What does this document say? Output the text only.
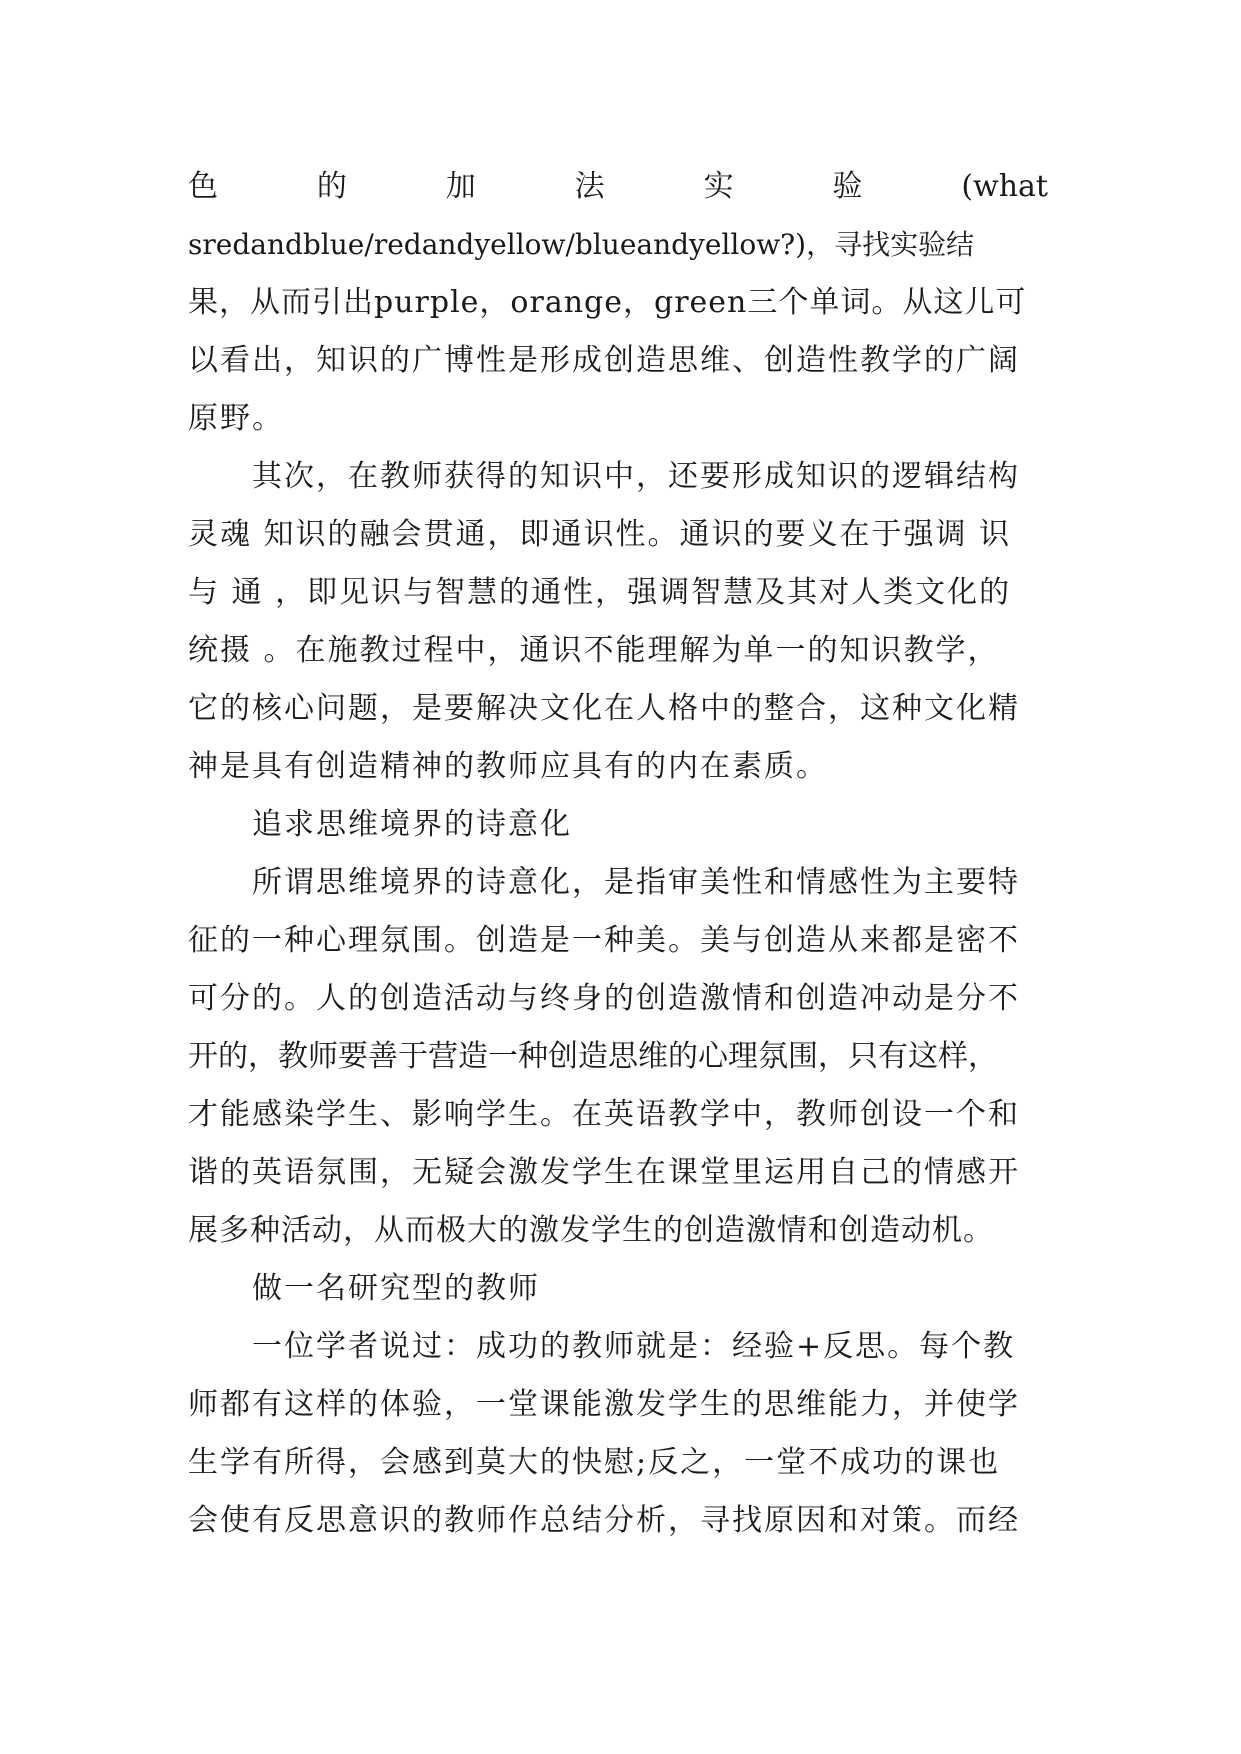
色	的	加	法	实	验	(what
sredandblue/redandyellow/blueandyellow?)，寻找实验结
果，从而引出purple，orange，green三个单词。从这儿可
以看出，知识的广博性是形成创造思维、创造性教学的广阔
原野。
其次，在教师获得的知识中，还要形成知识的逻辑结构
灵魂 知识的融会贯通，即通识性。通识的要义在于强调 识
与 通 ，即见识与智慧的通性，强调智慧及其对人类文化的
统摄 。在施教过程中，通识不能理解为单一的知识教学，
它的核心问题，是要解决文化在人格中的整合，这种文化精
神是具有创造精神的教师应具有的内在素质。
追求思维境界的诗意化
所谓思维境界的诗意化，是指审美性和情感性为主要特
征的一种心理氛围。创造是一种美。美与创造从来都是密不
可分的。人的创造活动与终身的创造激情和创造冲动是分不
开的，教师要善于营造一种创造思维的心理氛围，只有这样，
才能感染学生、影响学生。在英语教学中，教师创设一个和
谐的英语氛围，无疑会激发学生在课堂里运用自己的情感开
展多种活动，从而极大的激发学生的创造激情和创造动机。
做一名研究型的教师
一位学者说过：成功的教师就是：经验+反思。每个教
师都有这样的体验，一堂课能激发学生的思维能力，并使学
生学有所得，会感到莫大的快慰;反之，一堂不成功的课也
会使有反思意识的教师作总结分析，寻找原因和对策。而经
